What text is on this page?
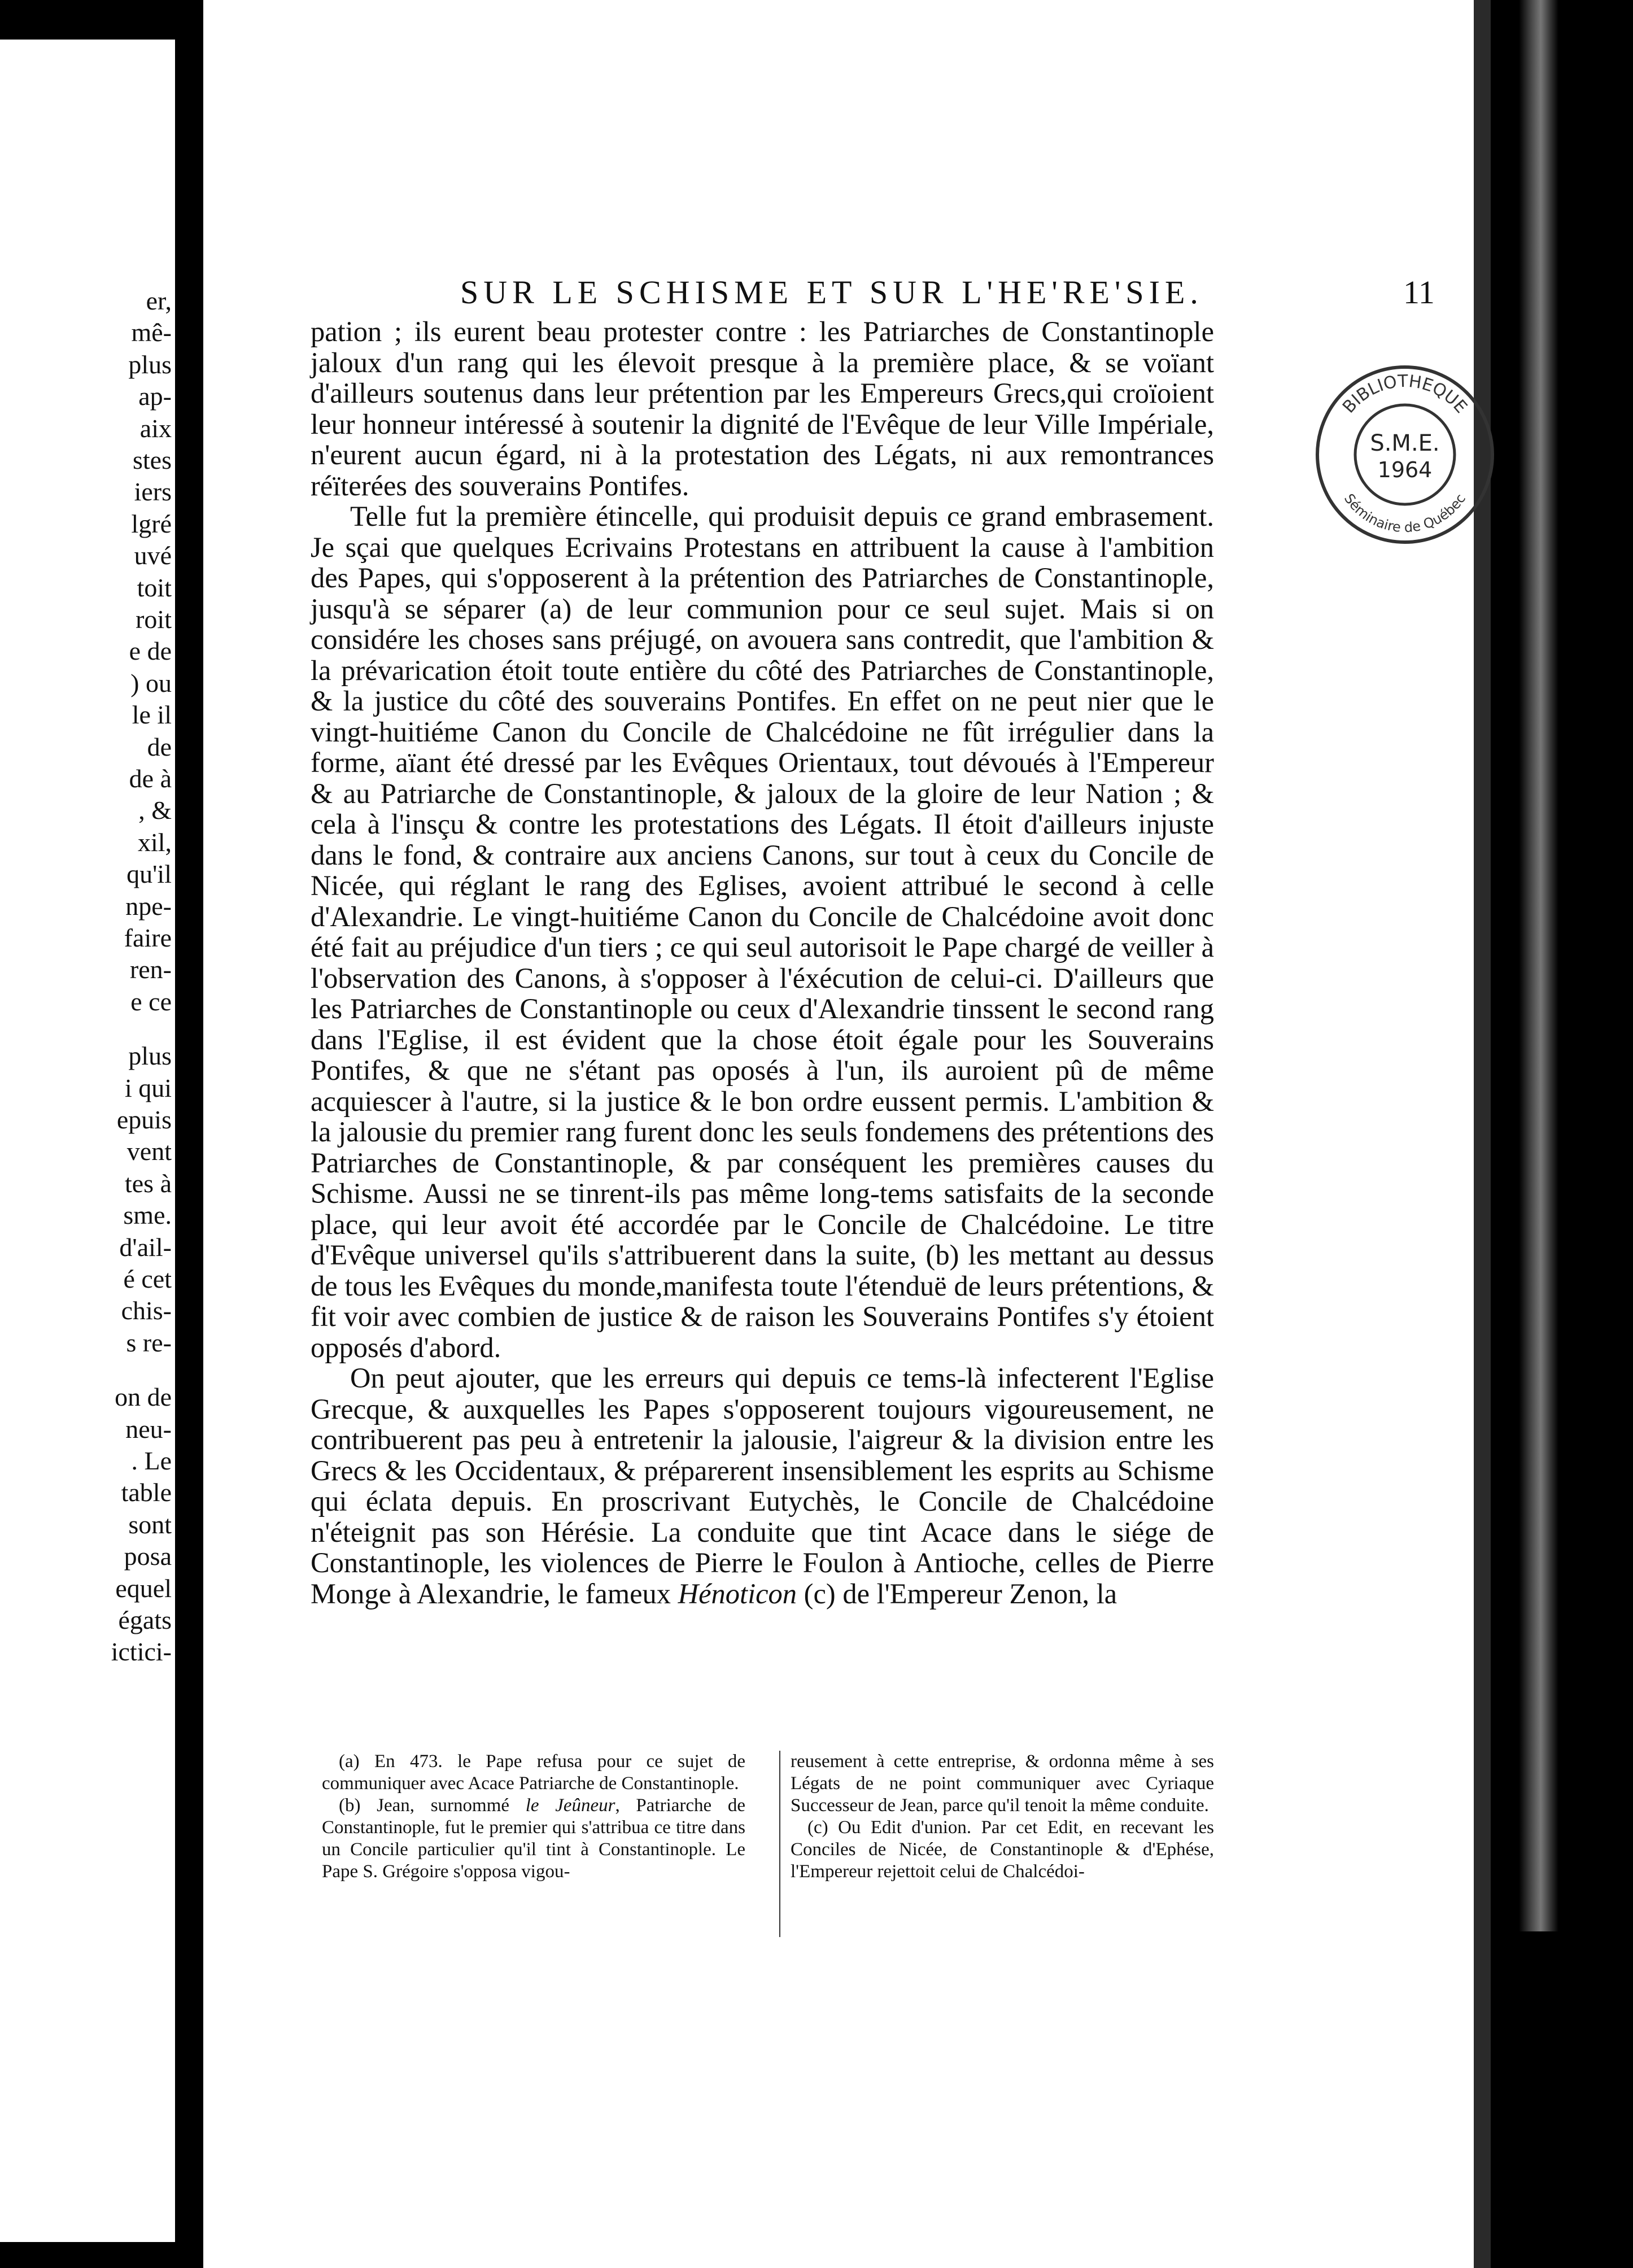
er,
mê-
plus
ap-
aix
stes
iers
lgré
uvé
toit
roit
e de
) ou
le il
de
de à
, &
xil,
qu'il
npe-
faire
ren-
e ce
plus
i qui
epuis
vent
tes à
sme.
d'ail-
é cet
chis-
s re-
on de
neu-
. Le
table
sont
posa
equel
égats
ictici-
SUR LE SCHISME ET SUR L'HE'RE'SIE.	11

pation ; ils eurent beau protester contre : les Patriarches de Constantinople jaloux d'un rang qui les élevoit presque à la première place, & se voïant d'ailleurs soutenus dans leur prétention par les Empereurs Grecs,qui croïoient leur honneur intéressé à soutenir la dignité de l'Evêque de leur Ville Impériale, n'eurent aucun égard, ni à la protestation des Légats, ni aux remontrances réïterées des souverains Pontifes.

Telle fut la première étincelle, qui produisit depuis ce grand embrasement. Je sçai que quelques Ecrivains Protestans en attribuent la cause à l'ambition des Papes, qui s'opposerent à la prétention des Patriarches de Constantinople, jusqu'à se séparer (a) de leur communion pour ce seul sujet. Mais si on considére les choses sans préjugé, on avouera sans contredit, que l'ambition & la prévarication étoit toute entière du côté des Patriarches de Constantinople, & la justice du côté des souverains Pontifes. En effet on ne peut nier que le vingt-huitiéme Canon du Concile de Chalcédoine ne fût irrégulier dans la forme, aïant été dressé par les Evêques Orientaux, tout dévoués à l'Empereur & au Patriarche de Constantinople, & jaloux de la gloire de leur Nation ; & cela à l'insçu & contre les protestations des Légats. Il étoit d'ailleurs injuste dans le fond, & contraire aux anciens Canons, sur tout à ceux du Concile de Nicée, qui réglant le rang des Eglises, avoient attribué le second à celle d'Alexandrie. Le vingt-huitiéme Canon du Concile de Chalcédoine avoit donc été fait au préjudice d'un tiers ; ce qui seul autorisoit le Pape chargé de veiller à l'observation des Canons, à s'opposer à l'éxécution de celui-ci. D'ailleurs que les Patriarches de Constantinople ou ceux d'Alexandrie tinssent le second rang dans l'Eglise, il est évident que la chose étoit égale pour les Souverains Pontifes, & que ne s'étant pas oposés à l'un, ils auroient pû de même acquiescer à l'autre, si la justice & le bon ordre eussent permis. L'ambition & la jalousie du premier rang furent donc les seuls fondemens des prétentions des Patriarches de Constantinople, & par conséquent les premières causes du Schisme. Aussi ne se tinrent-ils pas même long-tems satisfaits de la seconde place, qui leur avoit été accordée par le Concile de Chalcédoine. Le titre d'Evêque universel qu'ils s'attribuerent dans la suite, (b) les mettant au dessus de tous les Evêques du monde,manifesta toute l'étenduë de leurs prétentions, & fit voir avec combien de justice & de raison les Souverains Pontifes s'y étoient opposés d'abord.

On peut ajouter, que les erreurs qui depuis ce tems-là infecterent l'Eglise Grecque, & auxquelles les Papes s'opposerent toujours vigoureusement, ne contribuerent pas peu à entretenir la jalousie, l'aigreur & la division entre les Grecs & les Occidentaux, & préparerent insensiblement les esprits au Schisme qui éclata depuis. En proscrivant Eutychès, le Concile de Chalcédoine n'éteignit pas son Hérésie. La conduite que tint Acace dans le siége de Constantinople, les violences de Pierre le Foulon à Antioche, celles de Pierre Monge à Alexandrie, le fameux Hénoticon (c) de l'Empereur Zenon, la

(a) En 473. le Pape refusa pour ce sujet de communiquer avec Acace Patriarche de Constantinople.

(b) Jean, surnommé le Jeûneur, Patriarche de Constantinople, fut le premier qui s'attribua ce titre dans un Concile particulier qu'il tint à Constantinople. Le Pape S. Grégoire s'opposa vigou-

reusement à cette entreprise, & ordonna même à ses Légats de ne point communiquer avec Cyriaque Successeur de Jean, parce qu'il tenoit la même conduite.

(c) Ou Edit d'union. Par cet Edit, en recevant les Conciles de Nicée, de Constantinople & d'Ephése, l'Empereur rejettoit celui de Chalcédoi-

BIBLIOTHEQUE
Séminaire de Québec
S.M.E.
1964
